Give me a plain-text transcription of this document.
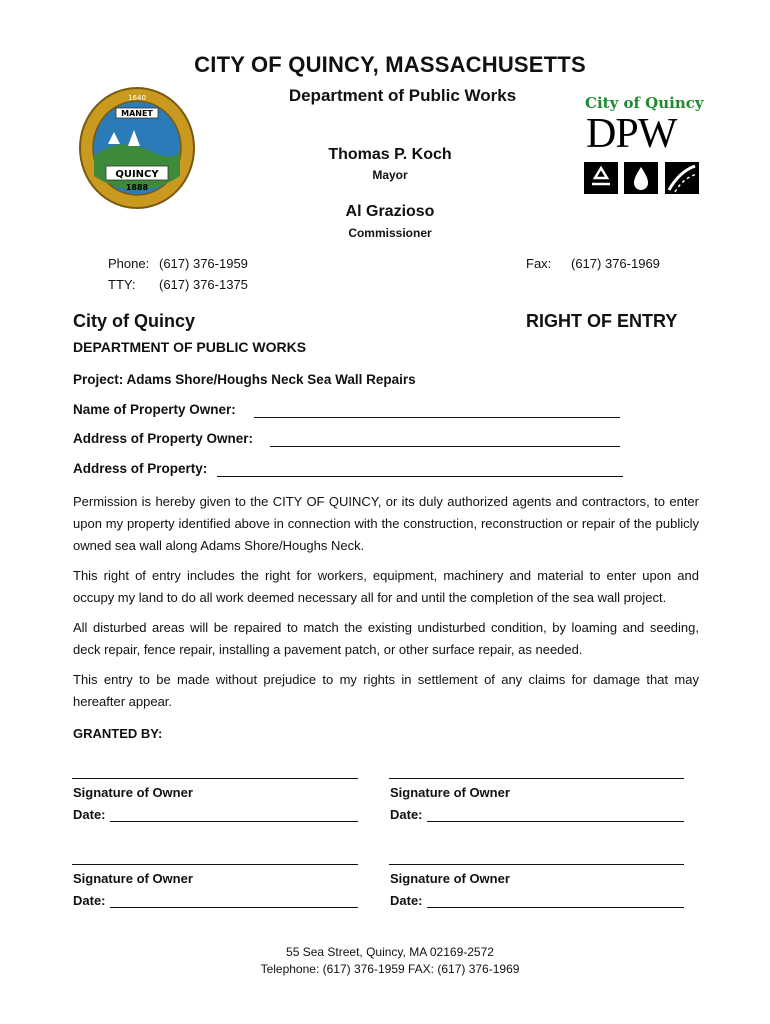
1640
MANET
QUINCY
1888
CITY OF QUINCY, MASSACHUSETTS
Department of Public Works
Thomas P. Koch
Mayor
Al Grazioso
Commissioner
City of Quincy
DPW

Phone: (617) 376-1959
TTY: (617) 376-1375
Fax: (617) 376-1969
City of Quincy	RIGHT OF ENTRY
DEPARTMENT OF PUBLIC WORKS
Project: Adams Shore/Houghs Neck Sea Wall Repairs
Name of Property Owner:
Address of Property Owner:
Address of Property:
Permission is hereby given to the CITY OF QUINCY, or its duly authorized agents and contractors, to enter upon my property identified above in connection with the construction, reconstruction or repair of the publicly owned sea wall along Adams Shore/Houghs Neck.
This right of entry includes the right for workers, equipment, machinery and material to enter upon and occupy my land to do all work deemed necessary all for and until the completion of the sea wall project.
All disturbed areas will be repaired to match the existing undisturbed condition, by loaming and seeding, deck repair, fence repair, installing a pavement patch, or other surface repair, as needed.
This entry to be made without prejudice to my rights in settlement of any claims for damage that may hereafter appear.
GRANTED BY:
Signature of Owner
Date:
Signature of Owner
Date:
Signature of Owner
Date:
Signature of Owner
Date:
55 Sea Street, Quincy, MA 02169-2572
Telephone: (617) 376-1959 FAX: (617) 376-1969
